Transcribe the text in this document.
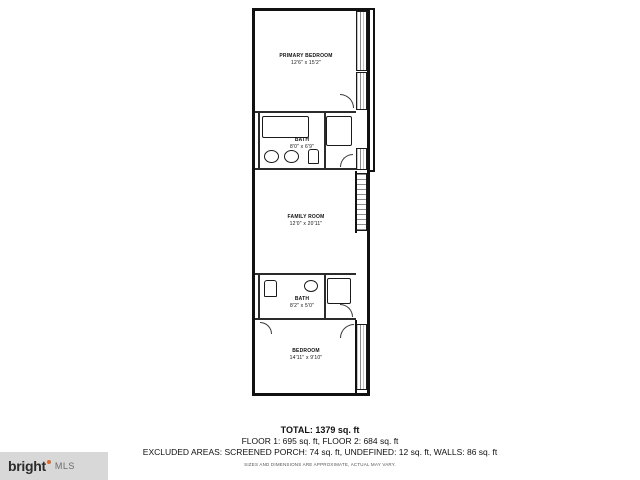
PRIMARY BEDROOM
12'6" x 15'2"
BATH
8'0" x 6'9"
FAMILY ROOM
12'0" x 20'11"
BATH
8'2" x 5'0"
BEDROOM
14'11" x 9'10"
TOTAL: 1379 sq. ft
FLOOR 1: 695 sq. ft, FLOOR 2: 684 sq. ft
EXCLUDED AREAS: SCREENED PORCH: 74 sq. ft, UNDEFINED: 12 sq. ft, WALLS: 86 sq. ft
SIZES AND DIMENSIONS ARE APPROXIMATE, ACTUAL MAY VARY.
bright MLS
